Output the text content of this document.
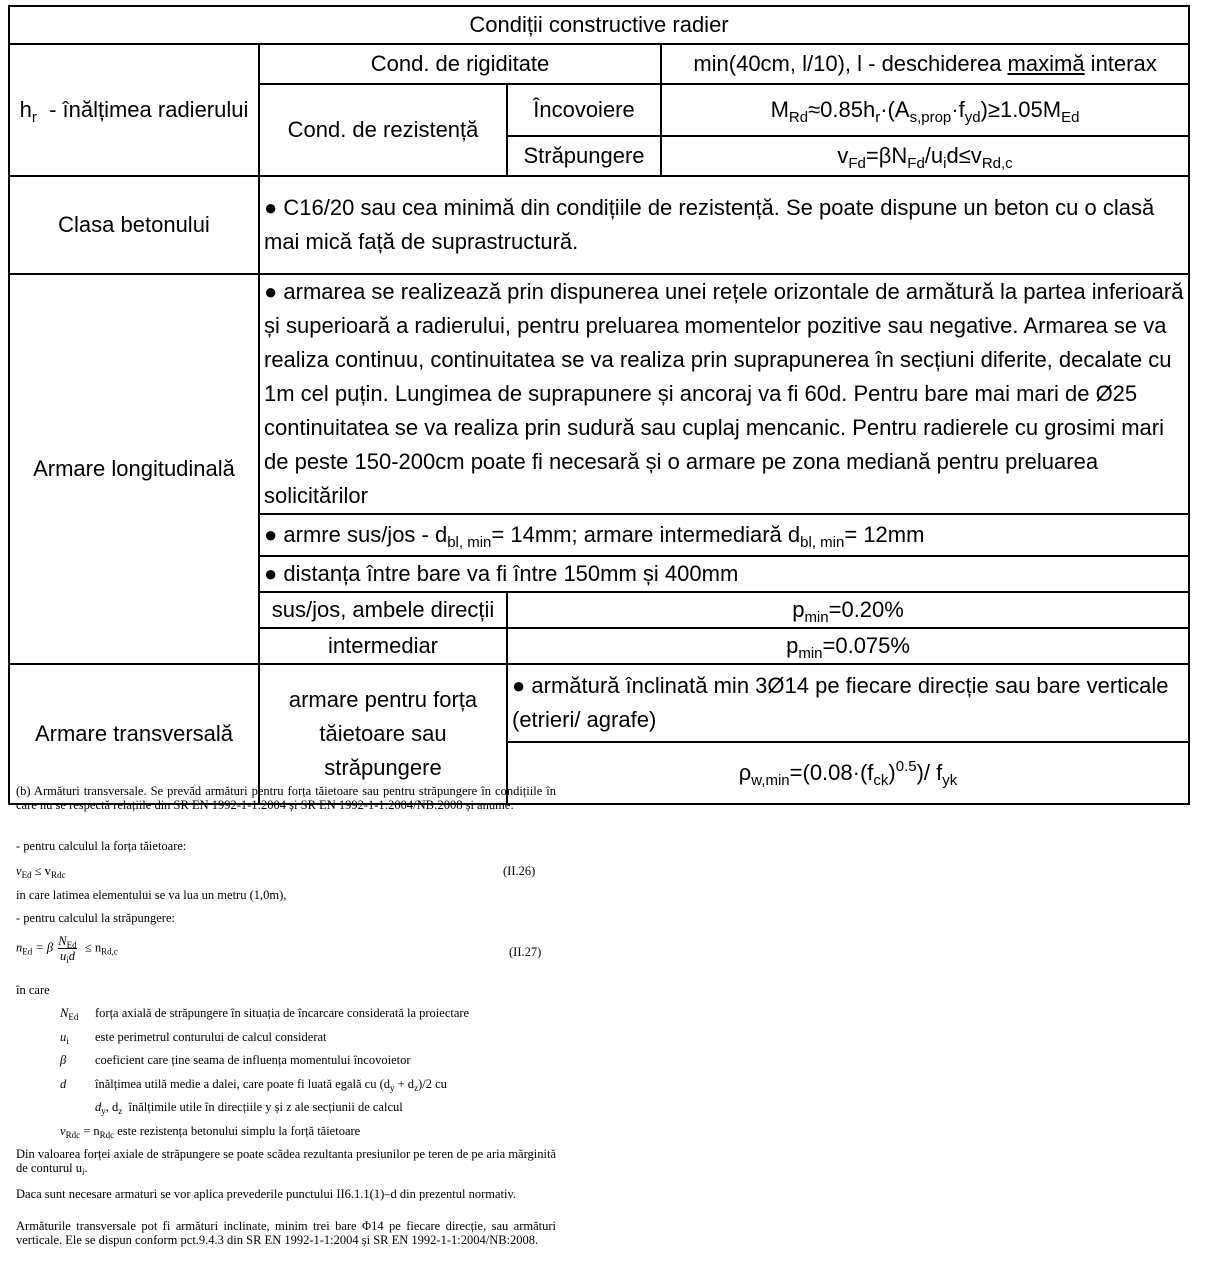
Condiții constructive radier			
$h_r$  - înălțimea radierului	Cond. de rigiditate		min(40cm, l/10), l - deschiderea maximă interax
	Cond. de rezistență	Încovoiere	$M_{Rd}\approx 0.85h_r\cdot(A_{s,prop}\cdot f_{yd})\ge 1.05M_{Ed}$
		Străpungere	$v_{Fd}=\beta N_{Fd}/u_id\le v_{Rd,c}$
Clasa betonului	● C16/20 sau cea minimă din condițiile de rezistență. Se poate dispune un beton cu o clasă mai mică față de suprastructură.		
Armare longitudinală	● armarea se realizează prin dispunerea unei rețele orizontale de armătură la partea inferioară și superioară a radierului, pentru preluarea momentelor pozitive sau negative. Armarea se va realiza continuu, continuitatea se va realiza prin suprapunerea în secțiuni diferite, decalate cu 1m cel puțin. Lungimea de suprapunere și ancoraj va fi 60d. Pentru bare mai mari de Ø25 continuitatea se va realiza prin sudură sau cuplaj mencanic. Pentru radierele cu grosimi mari de peste 150-200cm poate fi necesară și o armare pe zona mediană pentru preluarea solicitărilor		
	● armre $sus/jos - d_{bl, min}= 14mm$; armare intermediară $d_{bl, min}= 12mm$		
	● distanța între bare va fi între 150mm și 400mm		
	sus/jos, ambele direcții	$p_{min}=0.20\%$	
	intermediar	$p_{min}=0.075\%$	
Armare transversală	armare pentru forța tăietoare sau străpungere	● armătură înclinată min 3Ø14 pe fiecare direcție sau bare verticale (etrieri/ agrafe)	
		$\rho_{w,min}=(0.08\cdot(f_{ck})^{0.5})/$ $f_{yk}$
(b) Armături transversale. Se prevăd armături pentru forța tăietoare sau pentru străpungere în condițiile în care nu se respectă relațiile din SR EN 1992-1-1:2004 și SR EN 1992-1-1:2004/NB:2008 și anume:
- pentru calculul la forța tăietoare:
$v_{Ed} \le v_{Rdc}$	(II.26)
in care latimea elementului se va lua un metru (1,0m),
- pentru calculul la străpungere:
$n_{Ed} = \beta \frac{N_{Ed}}{u_id} \le n_{Rd,c}$	(II.27)
în care
$N_{Ed}$ forța axială de străpungere în situația de încarcare considerată la proiectare
$u_i$ este perimetrul conturului de calcul considerat
β coeficient care ține seama de influența momentului încovoietor
d înălțimea utilă medie a dalei, care poate fi luată egală cu $(d_y + d_z)/2$ cu
$d_y$, $d_z$  înălțimile utile în direcțiile y și z ale secțiunii de calcul
$v_{Rdc} = n_{Rdc}$ este rezistența betonului simplu la forță tăietoare
Din valoarea forței axiale de străpungere se poate scădea rezultanta presiunilor pe teren de pe aria mărginită de conturul $u_i$.
Daca sunt necesare armaturi se vor aplica prevederile punctului II6.1.1(1)–d din prezentul normativ.
Armăturile transversale pot fi armături inclinate, minim trei bare Φ14 pe fiecare direcție, sau armături verticale. Ele se dispun conform pct.9.4.3 din SR EN 1992-1-1:2004 și SR EN 1992-1-1:2004/NB:2008.
